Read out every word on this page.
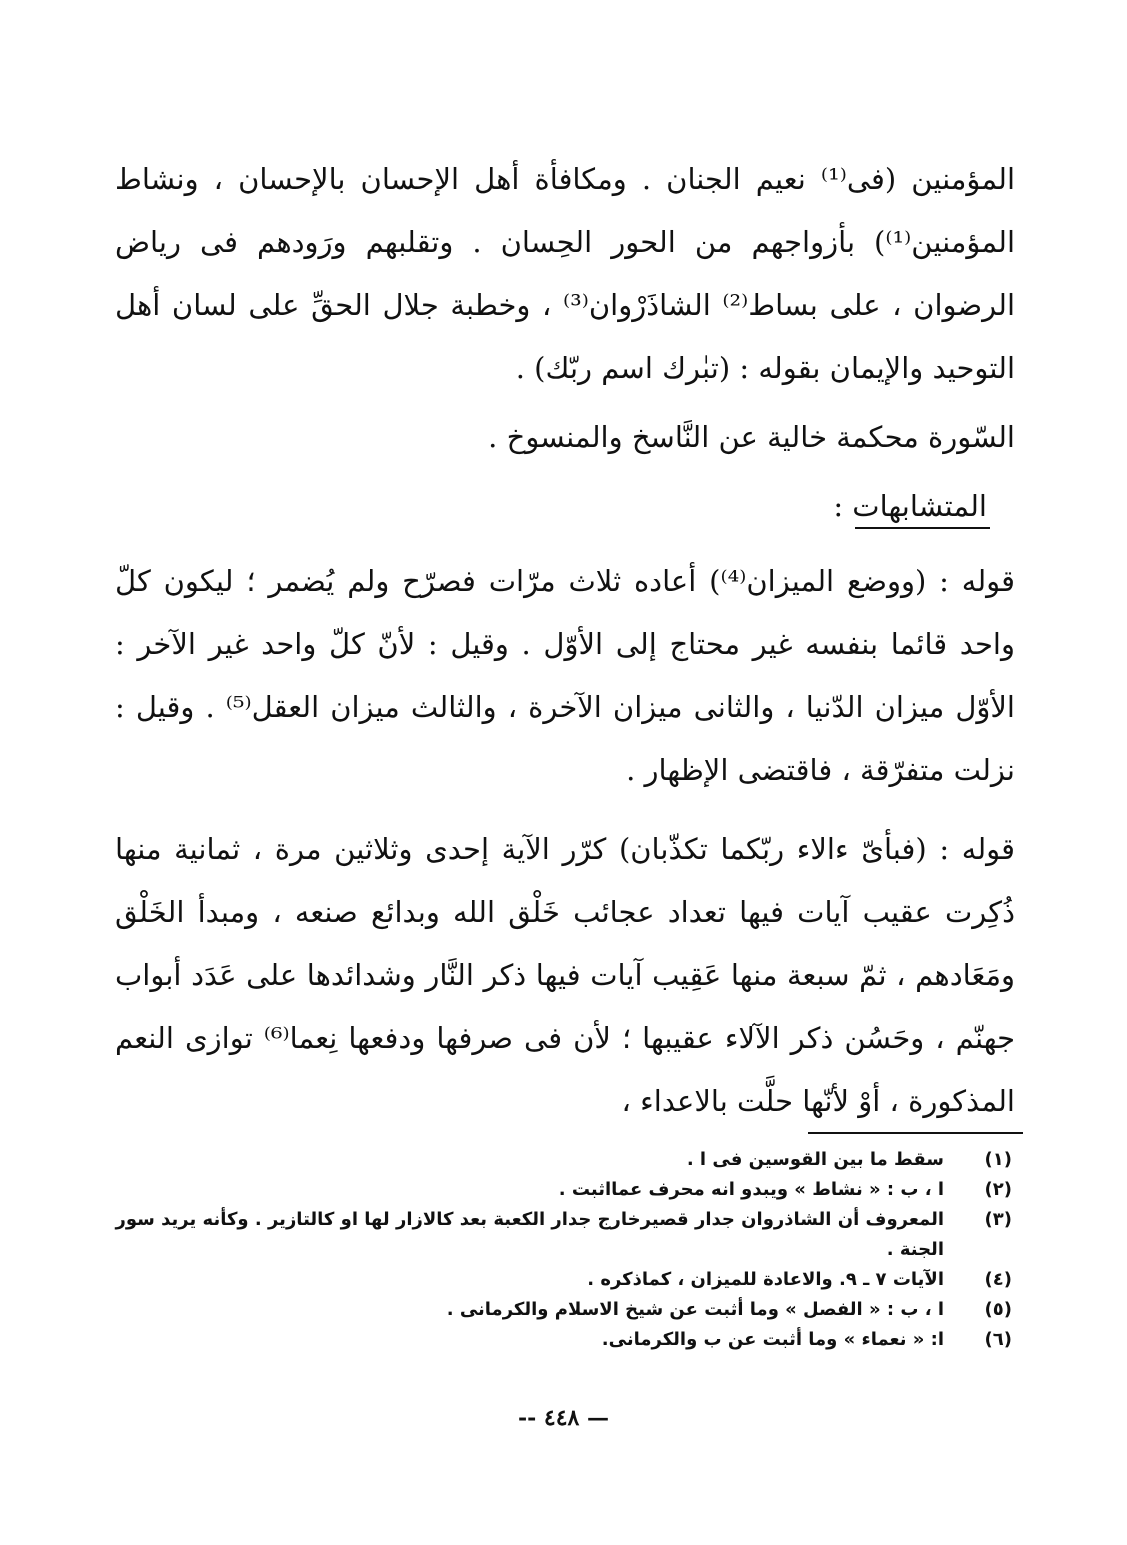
المؤمنين (فى⁽¹⁾ نعيم الجنان . ومكافأة أهل الإحسان بالإحسان ، ونشاط المؤمنين⁽¹⁾) بأزواجهم من الحور الحِسان . وتقلبهم ورَودهم فى رياض الرضوان ، على بساط⁽²⁾ الشاذَرْوان⁽³⁾ ، وخطبة جلال الحقِّ على لسان أهل التوحيد والإيمان بقوله : (تبٰرك اسم ربّك) .

السّورة محكمة خالية عن النَّاسخ والمنسوخ .

المتشابهات :

قوله : (ووضع الميزان⁽⁴⁾) أعاده ثلاث مرّات فصرّح ولم يُضمر ؛ ليكون كلّ واحد قائما بنفسه غير محتاج إلى الأوّل . وقيل : لأنّ كلّ واحد غير الآخر : الأوّل ميزان الدّنيا ، والثانى ميزان الآخرة ، والثالث ميزان العقل⁽⁵⁾ . وقيل : نزلت متفرّقة ، فاقتضى الإظهار .

قوله : (فبأىّ ءالاء ربّكما تكذّبان) كرّر الآية إحدى وثلاثين مرة ، ثمانية منها ذُكِرت عقيب آيات فيها تعداد عجائب خَلْق الله وبدائع صنعه ، ومبدأ الخَلْق ومَعَادهم ، ثمّ سبعة منها عَقِيب آيات فيها ذكر النَّار وشدائدها على عَدَد أبواب جهنّم ، وحَسُن ذكر الآلاء عقيبها ؛ لأن فى صرفها ودفعها نِعما⁽⁶⁾ توازى النعم المذكورة ، أوْ لأنّها حلَّت بالاعداء ،

(١)
سقط ما بين القوسين فى ا .
(٢)
ا ، ب : « نشاط » ويبدو انه محرف عمااثبت .
(٣)
المعروف أن الشاذروان جدار قصيرخارج جدار الكعبة بعد كالازار لها او كالتازير . وكأنه يريد سور الجنة .
(٤)
الآيات ٧ ـ ٩. والاعادة للميزان ، كماذكره .
(٥)
ا ، ب : « الفصل » وما أثبت عن شيخ الاسلام والكرمانى .
(٦)
ا: « نعماء » وما أثبت عن ب والكرمانى.
— ٤٤٨ --
